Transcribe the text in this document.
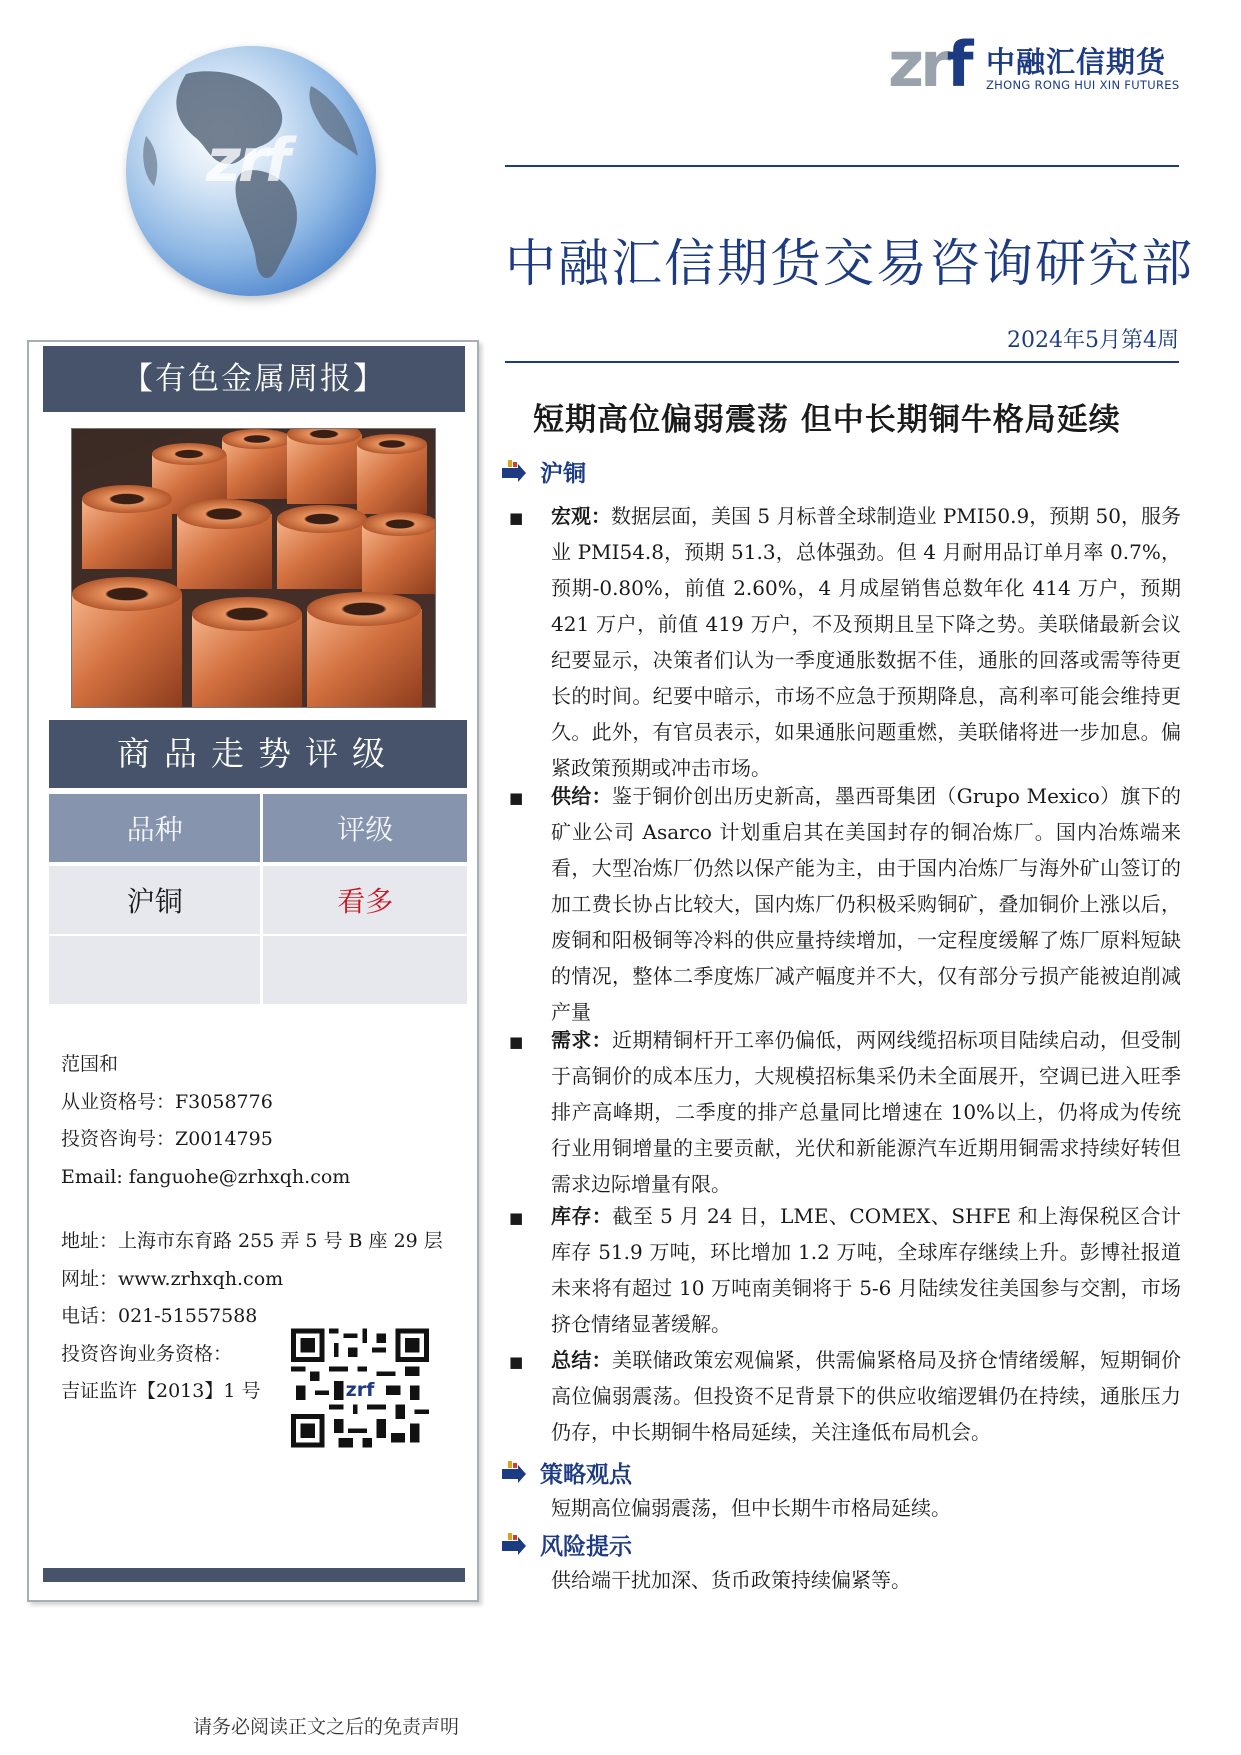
zrf
zrf 中融汇信期货
ZHONG RONG HUI XIN FUTURES
中融汇信期货交易咨询研究部
2024年5月第4周
【有色金属周报】
商品走势评级
品种	评级
沪铜	看多

范国和
从业资格号：F3058776
投资咨询号：Z0014795
Email: fanguohe@zrhxqh.com
地址：上海市东育路 255 弄 5 号 B 座 29 层
网址：www.zrhxqh.com
电话：021-51557588
投资咨询业务资格：
吉证监许【2013】1 号	zrf
短期高位偏弱震荡 但中长期铜牛格局延续
沪铜
■ 宏观：数据层面，美国 5 月标普全球制造业 PMI50.9，预期 50，服务业 PMI54.8，预期 51.3，总体强劲。但 4 月耐用品订单月率 0.7%，预期-0.80%，前值 2.60%，4 月成屋销售总数年化 414 万户，预期 421 万户，前值 419 万户，不及预期且呈下降之势。美联储最新会议纪要显示，决策者们认为一季度通胀数据不佳，通胀的回落或需等待更长的时间。纪要中暗示，市场不应急于预期降息，高利率可能会维持更久。此外，有官员表示，如果通胀问题重燃，美联储将进一步加息。偏紧政策预期或冲击市场。
■ 供给：鉴于铜价创出历史新高，墨西哥集团（Grupo Mexico）旗下的矿业公司 Asarco 计划重启其在美国封存的铜冶炼厂。国内冶炼端来看，大型冶炼厂仍然以保产能为主，由于国内冶炼厂与海外矿山签订的加工费长协占比较大，国内炼厂仍积极采购铜矿，叠加铜价上涨以后，废铜和阳极铜等冷料的供应量持续增加，一定程度缓解了炼厂原料短缺的情况，整体二季度炼厂减产幅度并不大，仅有部分亏损产能被迫削减产量
■ 需求：近期精铜杆开工率仍偏低，两网线缆招标项目陆续启动，但受制于高铜价的成本压力，大规模招标集采仍未全面展开，空调已进入旺季排产高峰期，二季度的排产总量同比增速在 10%以上，仍将成为传统行业用铜增量的主要贡献，光伏和新能源汽车近期用铜需求持续好转但需求边际增量有限。
■ 库存：截至 5 月 24 日，LME、COMEX、SHFE 和上海保税区合计库存 51.9 万吨，环比增加 1.2 万吨，全球库存继续上升。彭博社报道未来将有超过 10 万吨南美铜将于 5-6 月陆续发往美国参与交割，市场挤仓情绪显著缓解。
■ 总结：美联储政策宏观偏紧，供需偏紧格局及挤仓情绪缓解，短期铜价高位偏弱震荡。但投资不足背景下的供应收缩逻辑仍在持续，通胀压力仍存，中长期铜牛格局延续，关注逢低布局机会。
策略观点
短期高位偏弱震荡，但中长期牛市格局延续。
风险提示
供给端干扰加深、货币政策持续偏紧等。
请务必阅读正文之后的免责声明
